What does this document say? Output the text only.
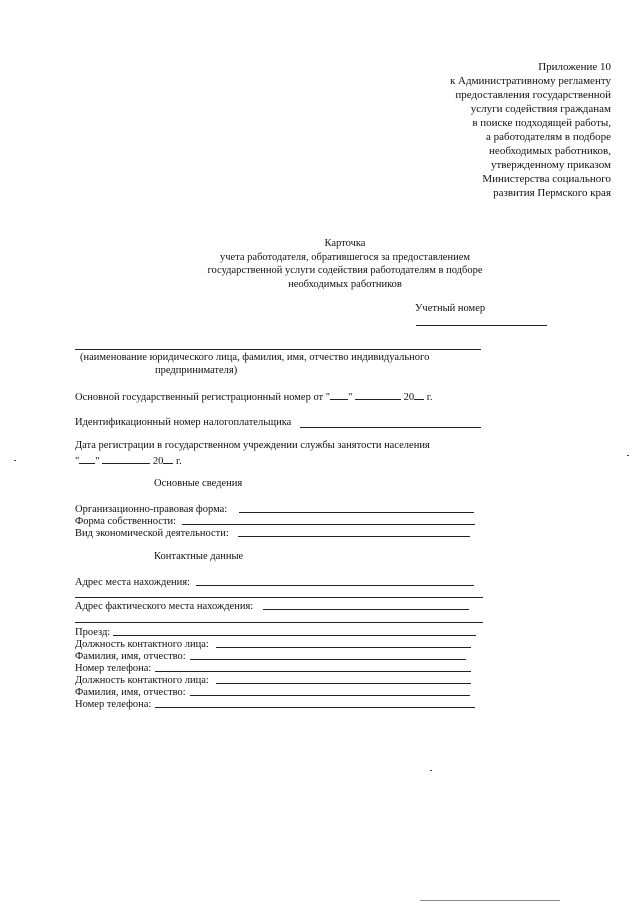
Приложение 10
к Административному регламенту
предоставления государственной
услуги содействия гражданам
в поиске подходящей работы,
а работодателям в подборе
необходимых работников,
утвержденному приказом
Министерства социального
развития Пермского края
Карточка
учета работодателя, обратившегося за предоставлением
государственной услуги содействия работодателям в подборе
необходимых работников
Учетный номер
(наименование юридического лица, фамилия, имя, отчество индивидуального
предпринимателя)
Основной государственный регистрационный номер от " "	20 г.
Идентификационный номер налогоплательщика
Дата регистрации в государственном учреждении службы занятости населения
" "	20 г.
Основные сведения
Организационно-правовая форма:
Форма собственности:
Вид экономической деятельности:
Контактные данные
Адрес места нахождения:
Адрес фактического места нахождения:
Проезд:
Должность контактного лица:
Фамилия, имя, отчество:
Номер телефона:
Должность контактного лица:
Фамилия, имя, отчество:
Номер телефона:
